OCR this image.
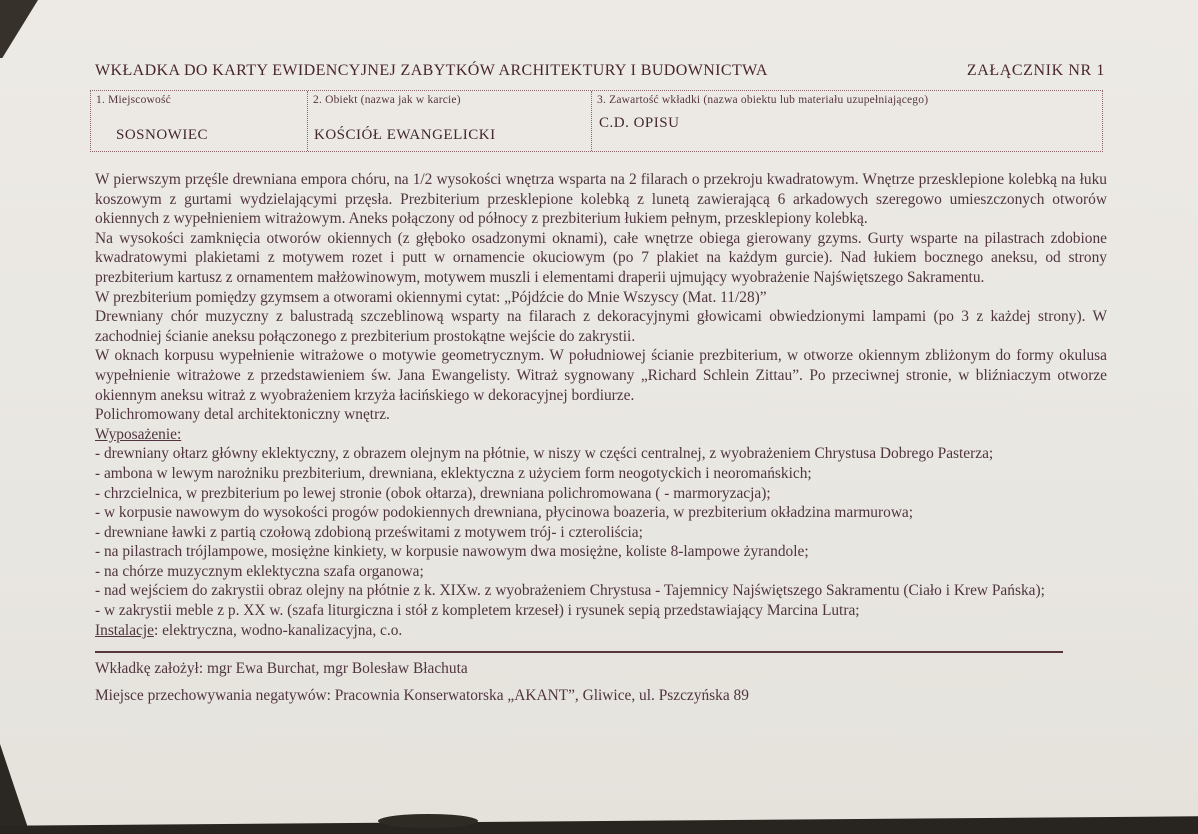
WKŁADKA DO KARTY EWIDENCYJNEJ ZABYTKÓW ARCHITEKTURY I BUDOWNICTWA	ZAŁĄCZNIK NR 1
1. Miejscowość
SOSNOWIEC
2. Obiekt (nazwa jak w karcie)
KOŚCIÓŁ EWANGELICKI
3. Zawartość wkładki (nazwa obiektu lub materiału uzupełniającego)
C.D. OPISU

W pierwszym przęśle drewniana empora chóru, na 1/2 wysokości wnętrza wsparta na 2 filarach o przekroju kwadratowym. Wnętrze przesklepione kolebką na łuku koszowym z gurtami wydzielającymi przęsła. Prezbiterium przesklepione kolebką z lunetą zawierającą 6 arkadowych szeregowo umieszczonych otworów okiennych z wypełnieniem witrażowym. Aneks połączony od północy z prezbiterium łukiem pełnym, przesklepiony kolebką.

Na wysokości zamknięcia otworów okiennych (z głęboko osadzonymi oknami), całe wnętrze obiega gierowany gzyms. Gurty wsparte na pilastrach zdobione kwadratowymi plakietami z motywem rozet i putt w ornamencie okuciowym (po 7 plakiet na każdym gurcie). Nad łukiem bocznego aneksu, od strony prezbiterium kartusz z ornamentem małżowinowym, motywem muszli i elementami draperii ujmujący wyobrażenie Najświętszego Sakramentu.

W prezbiterium pomiędzy gzymsem a otworami okiennymi cytat: „Pójdźcie do Mnie Wszyscy (Mat. 11/28)”

Drewniany chór muzyczny z balustradą szczeblinową wsparty na filarach z dekoracyjnymi głowicami obwiedzionymi lampami (po 3 z każdej strony). W zachodniej ścianie aneksu połączonego z prezbiterium prostokątne wejście do zakrystii.

W oknach korpusu wypełnienie witrażowe o motywie geometrycznym. W południowej ścianie prezbiterium, w otworze okiennym zbliżonym do formy okulusa wypełnienie witrażowe z przedstawieniem św. Jana Ewangelisty. Witraż sygnowany „Richard Schlein Zittau”. Po przeciwnej stronie, w bliźniaczym otworze okiennym aneksu witraż z wyobrażeniem krzyża łacińskiego w dekoracyjnej bordiurze.

Polichromowany detal architektoniczny wnętrz.

Wyposażenie:

- drewniany ołtarz główny eklektyczny, z obrazem olejnym na płótnie, w niszy w części centralnej, z wyobrażeniem Chrystusa Dobrego Pasterza;

- ambona w lewym narożniku prezbiterium, drewniana, eklektyczna z użyciem form neogotyckich i neoromańskich;

- chrzcielnica, w prezbiterium po lewej stronie (obok ołtarza), drewniana polichromowana ( - marmoryzacja);

- w korpusie nawowym do wysokości progów podokiennych drewniana, płycinowa boazeria, w prezbiterium okładzina marmurowa;

- drewniane ławki z partią czołową zdobioną prześwitami z motywem trój- i czteroliścia;

- na pilastrach trójlampowe, mosiężne kinkiety, w korpusie nawowym dwa mosiężne, koliste 8-lampowe żyrandole;

- na chórze muzycznym eklektyczna szafa organowa;

- nad wejściem do zakrystii obraz olejny na płótnie z k. XIXw. z wyobrażeniem Chrystusa - Tajemnicy Najświętszego Sakramentu (Ciało i Krew Pańska);

- w zakrystii meble z p. XX w. (szafa liturgiczna i stół z kompletem krzeseł) i rysunek sepią przedstawiający Marcina Lutra;

Instalacje: elektryczna, wodno-kanalizacyjna, c.o.

Wkładkę założył: mgr Ewa Burchat, mgr Bolesław Błachuta
Miejsce przechowywania negatywów: Pracownia Konserwatorska „AKANT”, Gliwice, ul. Pszczyńska 89
